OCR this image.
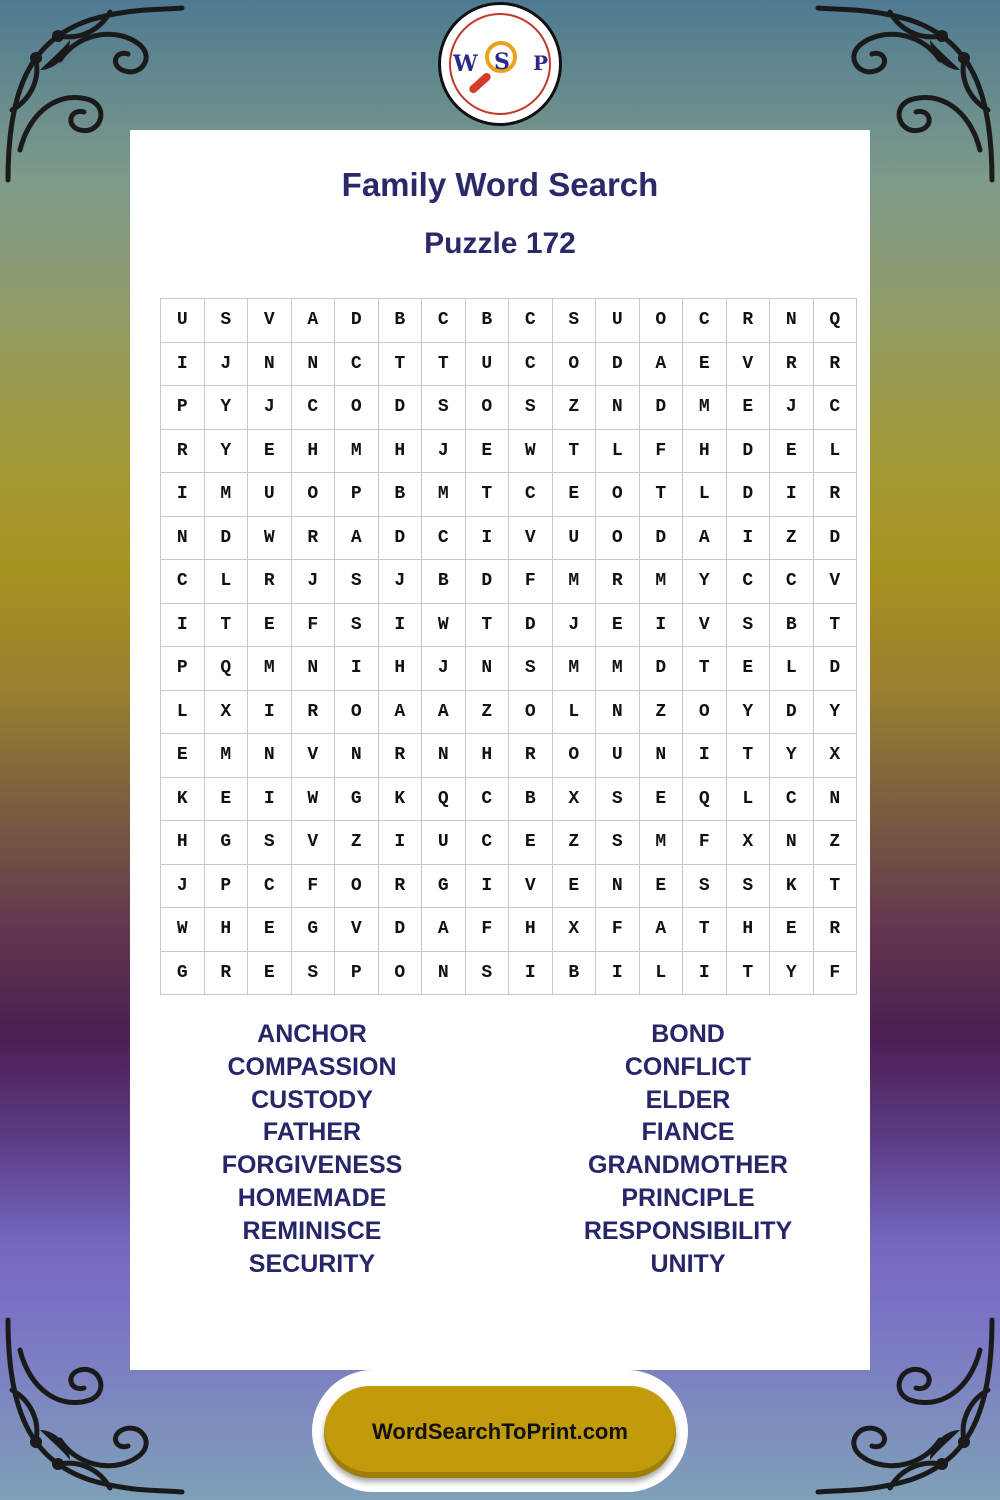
Family Word Search
Puzzle 172
U	S	V	A	D	B	C	B	C	S	U	O	C	R	N	Q
I	J	N	N	C	T	T	U	C	O	D	A	E	V	R	R
P	Y	J	C	O	D	S	O	S	Z	N	D	M	E	J	C
R	Y	E	H	M	H	J	E	W	T	L	F	H	D	E	L
I	M	U	O	P	B	M	T	C	E	O	T	L	D	I	R
N	D	W	R	A	D	C	I	V	U	O	D	A	I	Z	D
C	L	R	J	S	J	B	D	F	M	R	M	Y	C	C	V
I	T	E	F	S	I	W	T	D	J	E	I	V	S	B	T
P	Q	M	N	I	H	J	N	S	M	M	D	T	E	L	D
L	X	I	R	O	A	A	Z	O	L	N	Z	O	Y	D	Y
E	M	N	V	N	R	N	H	R	O	U	N	I	T	Y	X
K	E	I	W	G	K	Q	C	B	X	S	E	Q	L	C	N
H	G	S	V	Z	I	U	C	E	Z	S	M	F	X	N	Z
J	P	C	F	O	R	G	I	V	E	N	E	S	S	K	T
W	H	E	G	V	D	A	F	H	X	F	A	T	H	E	R
G	R	E	S	P	O	N	S	I	B	I	L	I	T	Y	F
ANCHOR
COMPASSION
CUSTODY
FATHER
FORGIVENESS
HOMEMADE
REMINISCE
SECURITY
BOND
CONFLICT
ELDER
FIANCE
GRANDMOTHER
PRINCIPLE
RESPONSIBILITY
UNITY
W S P
WordSearchToPrint.com
